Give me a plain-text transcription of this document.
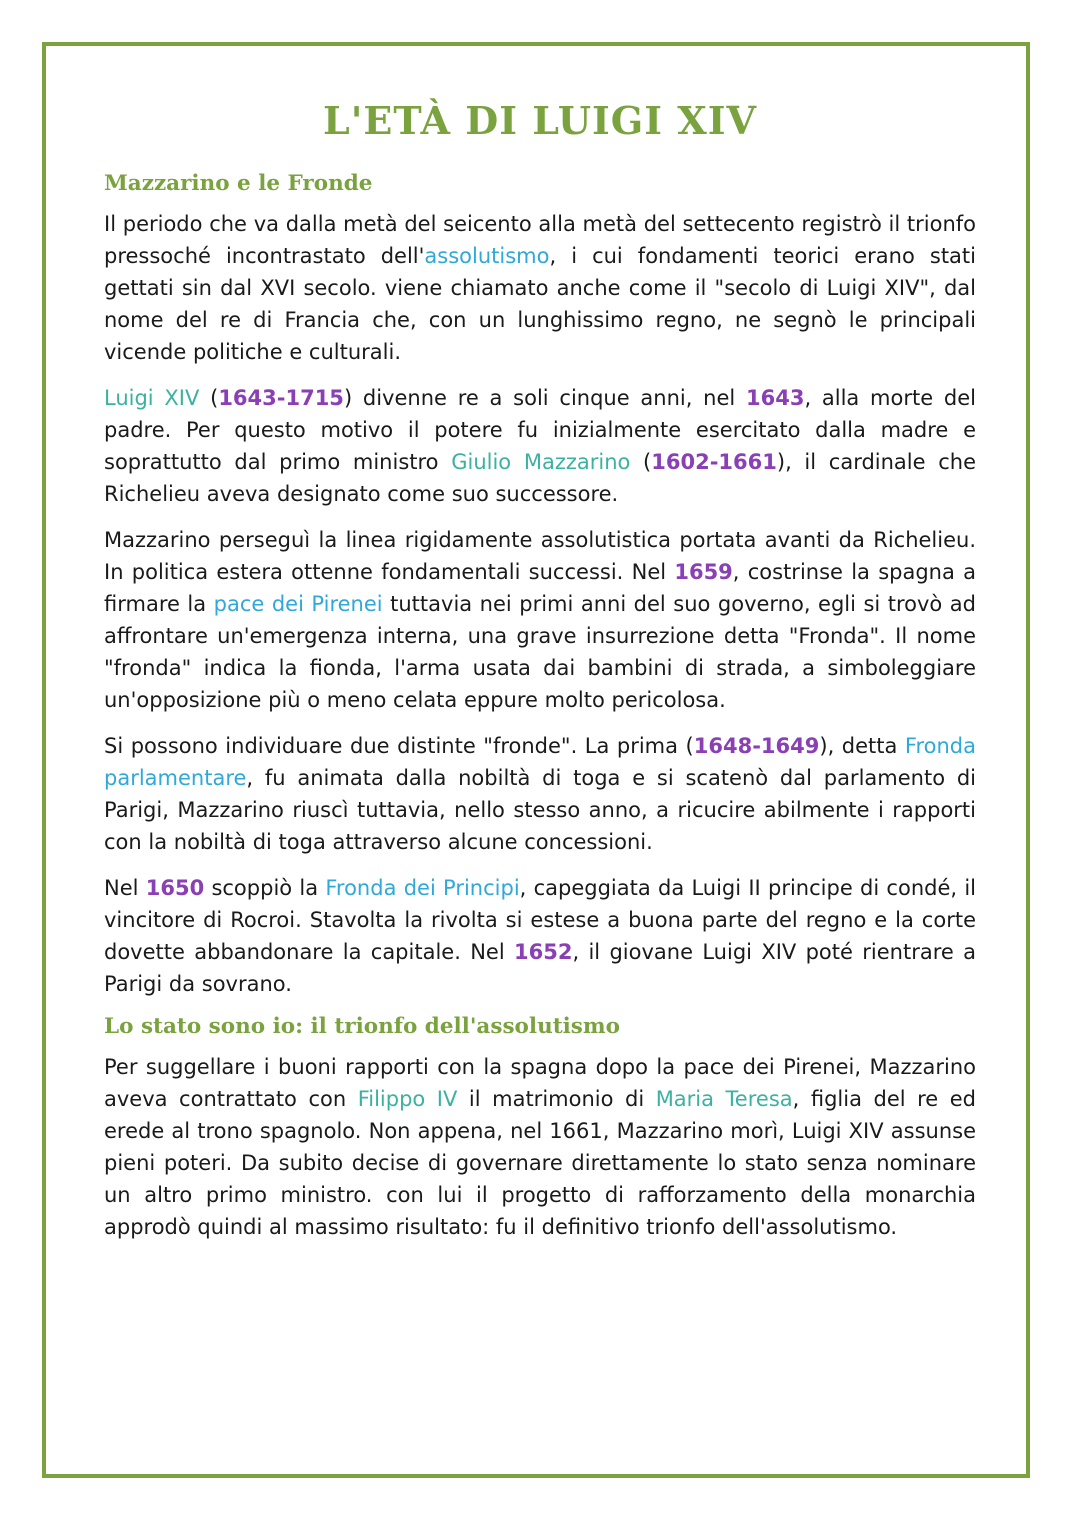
L'ETÀ DI LUIGI XIV
Mazzarino e le Fronde

Il periodo che va dalla metà del seicento alla metà del settecento registrò il trionfo pressoché incontrastato dell'assolutismo, i cui fondamenti teorici erano stati gettati sin dal XVI secolo. viene chiamato anche come il "secolo di Luigi XIV", dal nome del re di Francia che, con un lunghissimo regno, ne segnò le principali vicende politiche e culturali.

Luigi XIV (1643-1715) divenne re a soli cinque anni, nel 1643, alla morte del padre. Per questo motivo il potere fu inizialmente esercitato dalla madre e soprattutto dal primo ministro Giulio Mazzarino (1602-1661), il cardinale che Richelieu aveva designato come suo successore.

Mazzarino perseguì la linea rigidamente assolutistica portata avanti da Richelieu. In politica estera ottenne fondamentali successi. Nel 1659, costrinse la spagna a firmare la pace dei Pirenei tuttavia nei primi anni del suo governo, egli si trovò ad affrontare un'emergenza interna, una grave insurrezione detta "Fronda". Il nome "fronda" indica la fionda, l'arma usata dai bambini di strada, a simboleggiare un'opposizione più o meno celata eppure molto pericolosa.

Si possono individuare due distinte "fronde". La prima (1648-1649), detta Fronda parlamentare, fu animata dalla nobiltà di toga e si scatenò dal parlamento di Parigi, Mazzarino riuscì tuttavia, nello stesso anno, a ricucire abilmente i rapporti con la nobiltà di toga attraverso alcune concessioni.

Nel 1650 scoppiò la Fronda dei Principi, capeggiata da Luigi II principe di condé, il vincitore di Rocroi. Stavolta la rivolta si estese a buona parte del regno e la corte dovette abbandonare la capitale. Nel 1652, il giovane Luigi XIV poté rientrare a Parigi da sovrano.

Lo stato sono io: il trionfo dell'assolutismo

Per suggellare i buoni rapporti con la spagna dopo la pace dei Pirenei, Mazzarino aveva contrattato con Filippo IV il matrimonio di Maria Teresa, figlia del re ed erede al trono spagnolo. Non appena, nel 1661, Mazzarino morì, Luigi XIV assunse pieni poteri. Da subito decise di governare direttamente lo stato senza nominare un altro primo ministro. con lui il progetto di rafforzamento della monarchia approdò quindi al massimo risultato: fu il definitivo trionfo dell'assolutismo.
